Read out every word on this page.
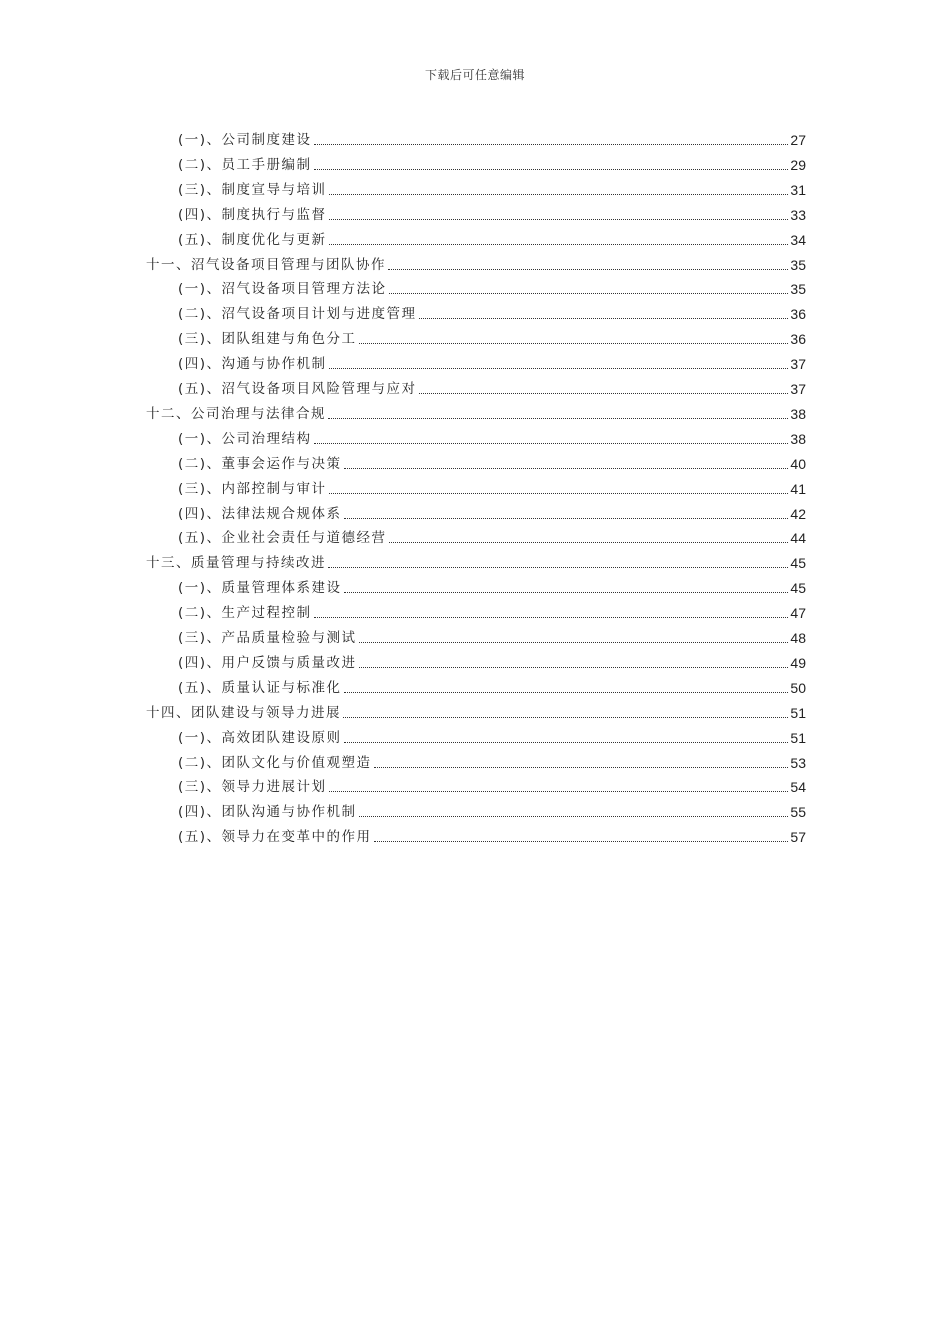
下载后可任意编辑
(一)、公司制度建设	27
(二)、员工手册编制	29
(三)、制度宣导与培训	31
(四)、制度执行与监督	33
(五)、制度优化与更新	34
十一、沼气设备项目管理与团队协作	35
(一)、沼气设备项目管理方法论	35
(二)、沼气设备项目计划与进度管理	36
(三)、团队组建与角色分工	36
(四)、沟通与协作机制	37
(五)、沼气设备项目风险管理与应对	37
十二、公司治理与法律合规	38
(一)、公司治理结构	38
(二)、董事会运作与决策	40
(三)、内部控制与审计	41
(四)、法律法规合规体系	42
(五)、企业社会责任与道德经营	44
十三、质量管理与持续改进	45
(一)、质量管理体系建设	45
(二)、生产过程控制	47
(三)、产品质量检验与测试	48
(四)、用户反馈与质量改进	49
(五)、质量认证与标准化	50
十四、团队建设与领导力进展	51
(一)、高效团队建设原则	51
(二)、团队文化与价值观塑造	53
(三)、领导力进展计划	54
(四)、团队沟通与协作机制	55
(五)、领导力在变革中的作用	57
